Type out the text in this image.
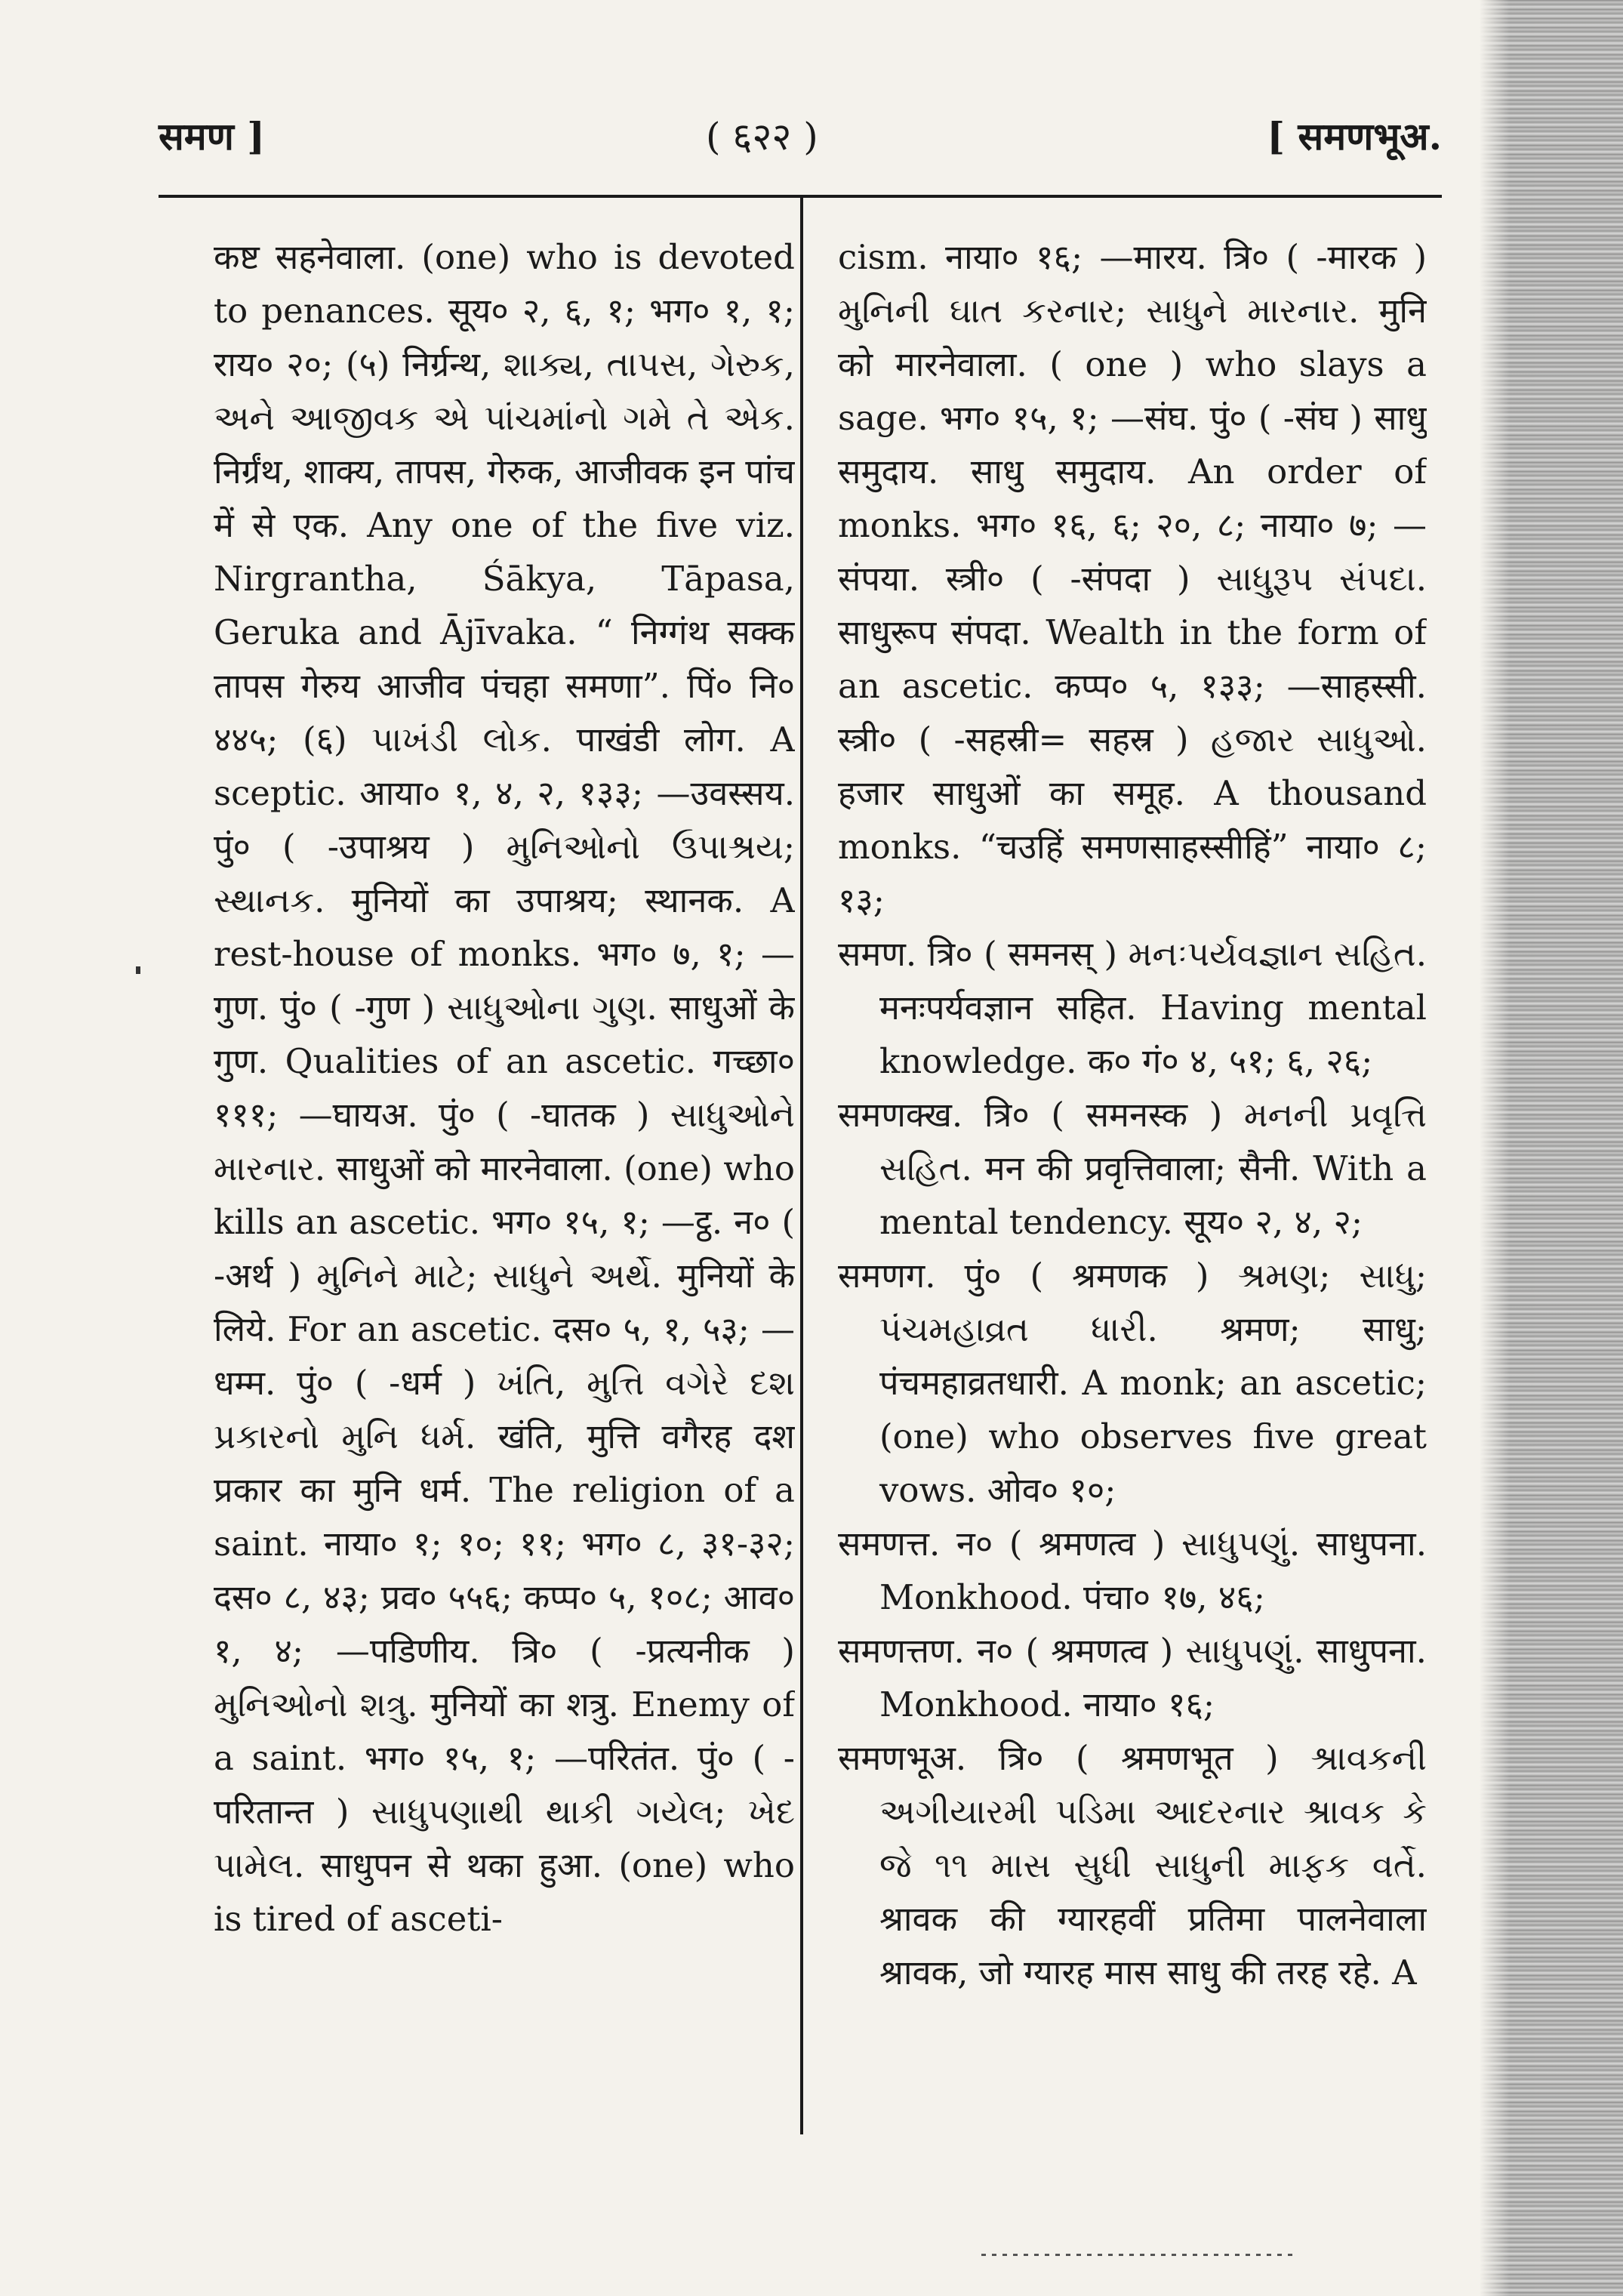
समण ]	( ६२२ )	[ समणभूअ.

कष्ट सहनेवाला. (one) who is devoted to penances. सूय० २, ६, १; भग० १, १; राय० २०; (५) निर्ग्रन्थ, શાક્ય, તાપસ, ગેરુક, અને આજીવક એ પાંચમાંનો ગમે તે એક. निर्ग्रंथ, शाक्य, तापस, गेरुक, आजीवक इन पांच में से एक. Any one of the five viz. Nirgrantha, Śākya, Tāpasa, Geruka and Ājīvaka. “ निग्गंथ सक्क तापस गेरुय आजीव पंचहा समणा”. पिं० नि० ४४५; (६) પાખંડી લોક. पाखंडी लोग. A sceptic. आया० १, ४, २, १३३; —उवस्सय. पुं० ( -उपाश्रय ) મુનિઓનો ઉપાશ્રય; સ્થાનક. मुनियों का उपाश्रय; स्थानक. A rest-house of monks. भग० ७, १; —गुण. पुं० ( -गुण ) સાધુઓના ગુણ. साधुओं के गुण. Qualities of an ascetic. गच्छा० १११; —घायअ. पुं० ( -घातक ) સાધુઓને મારનાર. साधुओं को मारनेवाला. (one) who kills an ascetic. भग० १५, १; —ट्ठ. न० ( -अर्थ ) મુનિને માટે; સાધુને અર્થે. मुनियों के लिये. For an ascetic. दस० ५, १, ५३; —धम्म. पुं० ( -धर्म ) ખંતિ, મુત્તિ વગેરે દશ પ્રકારનો મુનિ ધર્મ. खंति, मुत्ति वगैरह दश प्रकार का मुनि धर्म. The religion of a saint. नाया० १; १०; ११; भग० ८, ३१-३२; दस० ८, ४३; प्रव० ५५६; कप्प० ५, १०८; आव० १, ४; —पडिणीय. त्रि० ( -प्रत्यनीक ) મુનિઓનો શત્રુ. मुनियों का शत्रु. Enemy of a saint. भग० १५, १; —परितंत. पुं० ( -परितान्त ) સાધુપણાથી થાકી ગયેલ; ખેદ પામેલ. साधुपन से थका हुआ. (one) who is tired of asceti-

cism. नाया० १६; —मारय. त्रि० ( -मारक ) મુનિની ઘાત કરનાર; સાધુને મારનાર. मुनि को मारनेवाला. ( one ) who slays a sage. भग० १५, १; —संघ. पुं० ( -संघ ) साधु समुदाय. साधु समुदाय. An order of monks. भग० १६, ६; २०, ८; नाया० ७; —संपया. स्त्री० ( -संपदा ) સાધુરૂપ સંપદા. साधुरूप संपदा. Wealth in the form of an ascetic. कप्प० ५, १३३; —साहस्सी. स्त्री० ( -सहस्री= सहस्र ) હજાર સાધુઓ. हजार साधुओं का समूह. A thousand monks. “चउहिं समणसाहस्सीहिं” नाया० ८; १३;

समण. त्रि० ( समनस् ) મનઃપર્યવજ્ઞાન સહિત. मनःपर्यवज्ञान सहित. Having mental knowledge. क० गं० ४, ५१; ६, २६;

समणक्ख. त्रि० ( समनस्क ) મનની પ્રવૃત્તિ સહિત. मन की प्रवृत्तिवाला; सैनी. With a mental tendency. सूय० २, ४, २;

समणग. पुं० ( श्रमणक ) શ્રમણ; સાધુ; પંચમહાવ્રત ધારી. श्रमण; साधु; पंचमहाव्रतधारी. A monk; an ascetic; (one) who observes five great vows. ओव० १०;

समणत्त. न० ( श्रमणत्व ) સાધુપણું. साधुपना. Monkhood. पंचा० १७, ४६;

समणत्तण. न० ( श्रमणत्व ) સાધુપણું. साधुपना. Monkhood. नाया० १६;

समणभूअ. त्रि० ( श्रमणभूत ) શ્રાવકની અગીયારમી પડિમા આદરનાર શ્રાવક કે જે ૧૧ માસ સુધી સાધુની માફક વર્તે. श्रावक की ग्यारहवीं प्रतिमा पालनेवाला श्रावक, जो ग्यारह मास साधु की तरह रहे. A
